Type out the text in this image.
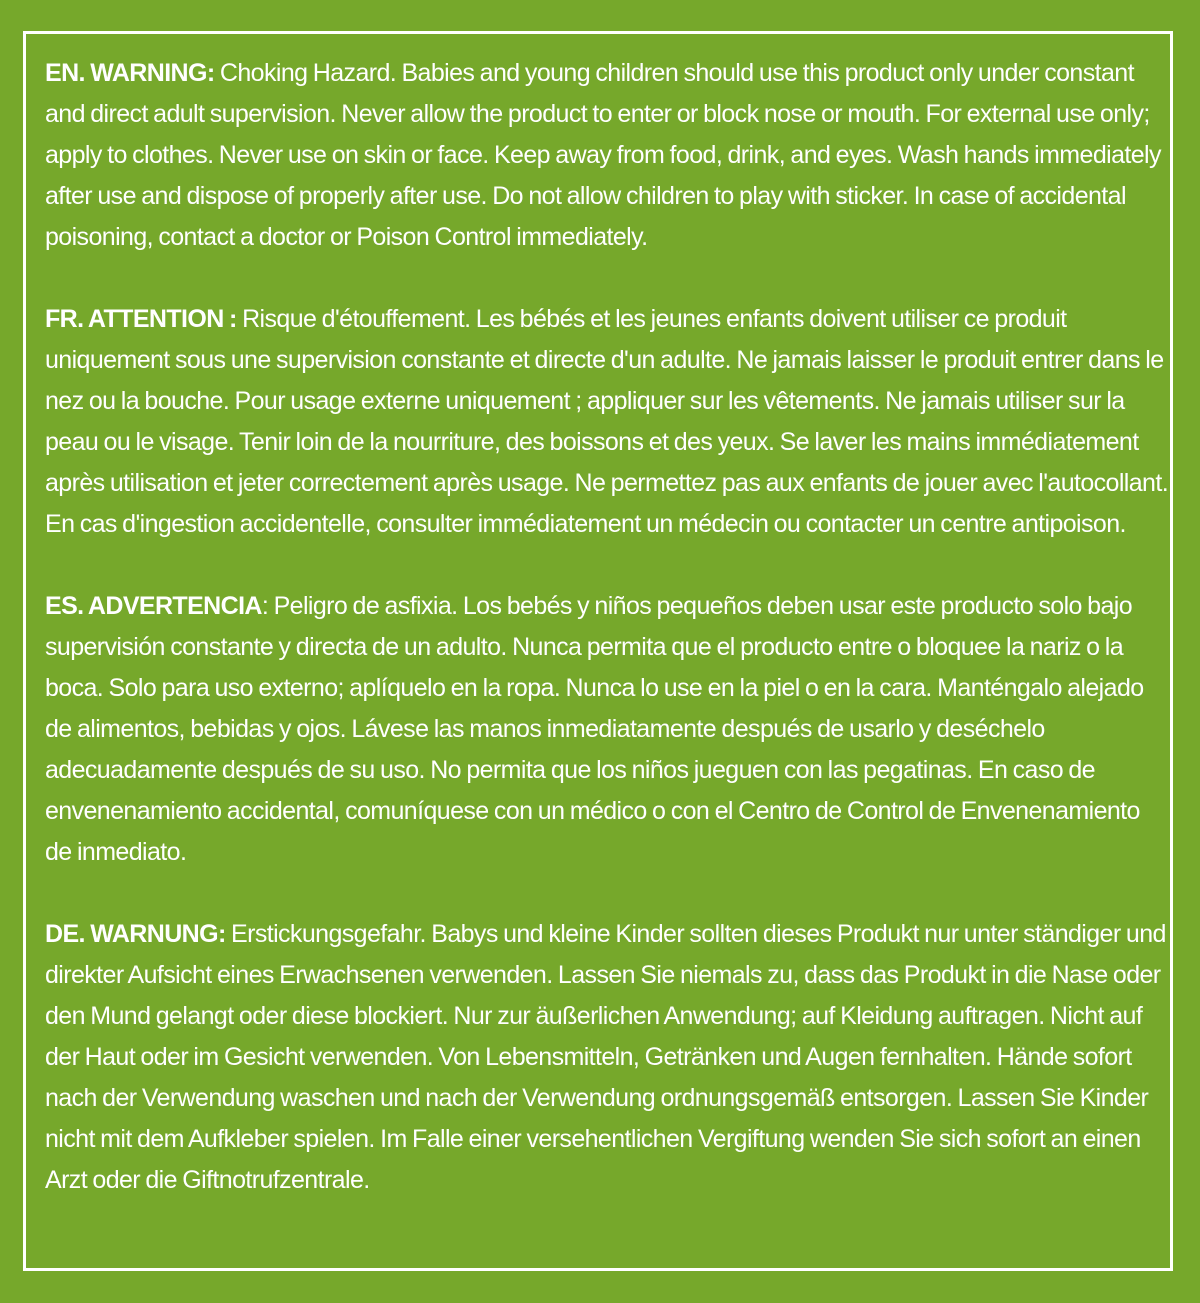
EN. WARNING: Choking Hazard. Babies and young children should use this product only under constant and direct adult supervision. Never allow the product to enter or block nose or mouth. For external use only; apply to clothes. Never use on skin or face. Keep away from food, drink, and eyes. Wash hands immediately after use and dispose of properly after use. Do not allow children to play with sticker. In case of accidental poisoning, contact a doctor or Poison Control immediately.

FR. ATTENTION : Risque d'étouffement. Les bébés et les jeunes enfants doivent utiliser ce produit uniquement sous une supervision constante et directe d'un adulte. Ne jamais laisser le produit entrer dans le nez ou la bouche. Pour usage externe uniquement ; appliquer sur les vêtements. Ne jamais utiliser sur la peau ou le visage. Tenir loin de la nourriture, des boissons et des yeux. Se laver les mains immédiatement après utilisation et jeter correctement après usage. Ne permettez pas aux enfants de jouer avec l'autocollant. En cas d'ingestion accidentelle, consulter immédiatement un médecin ou contacter un centre antipoison.

ES. ADVERTENCIA: Peligro de asfixia. Los bebés y niños pequeños deben usar este producto solo bajo supervisión constante y directa de un adulto. Nunca permita que el producto entre o bloquee la nariz o la boca. Solo para uso externo; aplíquelo en la ropa. Nunca lo use en la piel o en la cara. Manténgalo alejado de alimentos, bebidas y ojos. Lávese las manos inmediatamente después de usarlo y deséchelo adecuadamente después de su uso. No permita que los niños jueguen con las pegatinas. En caso de envenenamiento accidental, comuníquese con un médico o con el Centro de Control de Envenenamiento de inmediato.

DE. WARNUNG: Erstickungsgefahr. Babys und kleine Kinder sollten dieses Produkt nur unter ständiger und direkter Aufsicht eines Erwachsenen verwenden. Lassen Sie niemals zu, dass das Produkt in die Nase oder den Mund gelangt oder diese blockiert. Nur zur äußerlichen Anwendung; auf Kleidung auftragen. Nicht auf der Haut oder im Gesicht verwenden. Von Lebensmitteln, Getränken und Augen fernhalten. Hände sofort nach der Verwendung waschen und nach der Verwendung ordnungsgemäß entsorgen. Lassen Sie Kinder nicht mit dem Aufkleber spielen. Im Falle einer versehentlichen Vergiftung wenden Sie sich sofort an einen Arzt oder die Giftnotrufzentrale.
